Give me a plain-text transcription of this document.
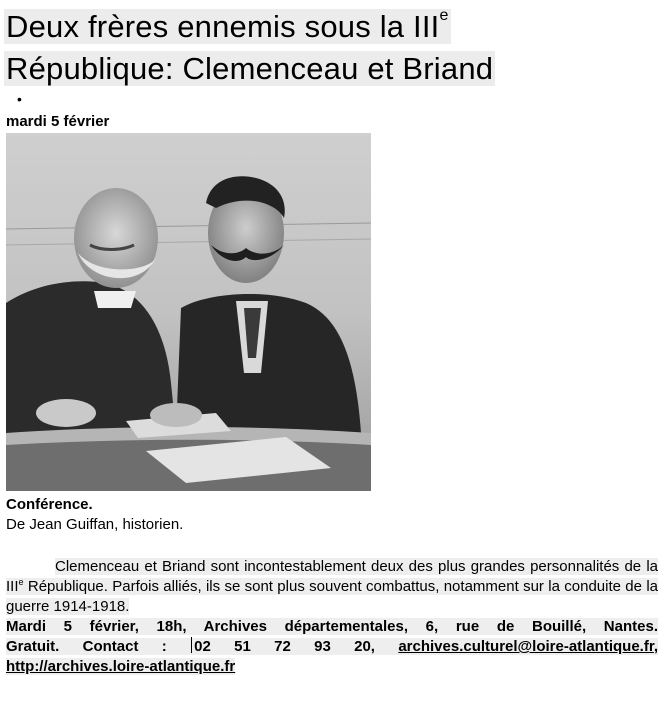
Deux frères ennemis sous la IIIe
République: Clemenceau et Briand
•
mardi 5 février
Conférence.
De Jean Guiffan, historien.

Clemenceau et Briand sont incontestablement deux des plus grandes personnalités de la IIIe République. Parfois alliés, ils se sont plus souvent combattus, notamment sur la conduite de la guerre 1914-1918.

Mardi 5 février, 18h, Archives départementales, 6, rue de Bouillé, Nantes.

Gratuit. Contact : 02 51 72 93 20, archives.culturel@loire-atlantique.fr,

http://archives.loire-atlantique.fr
